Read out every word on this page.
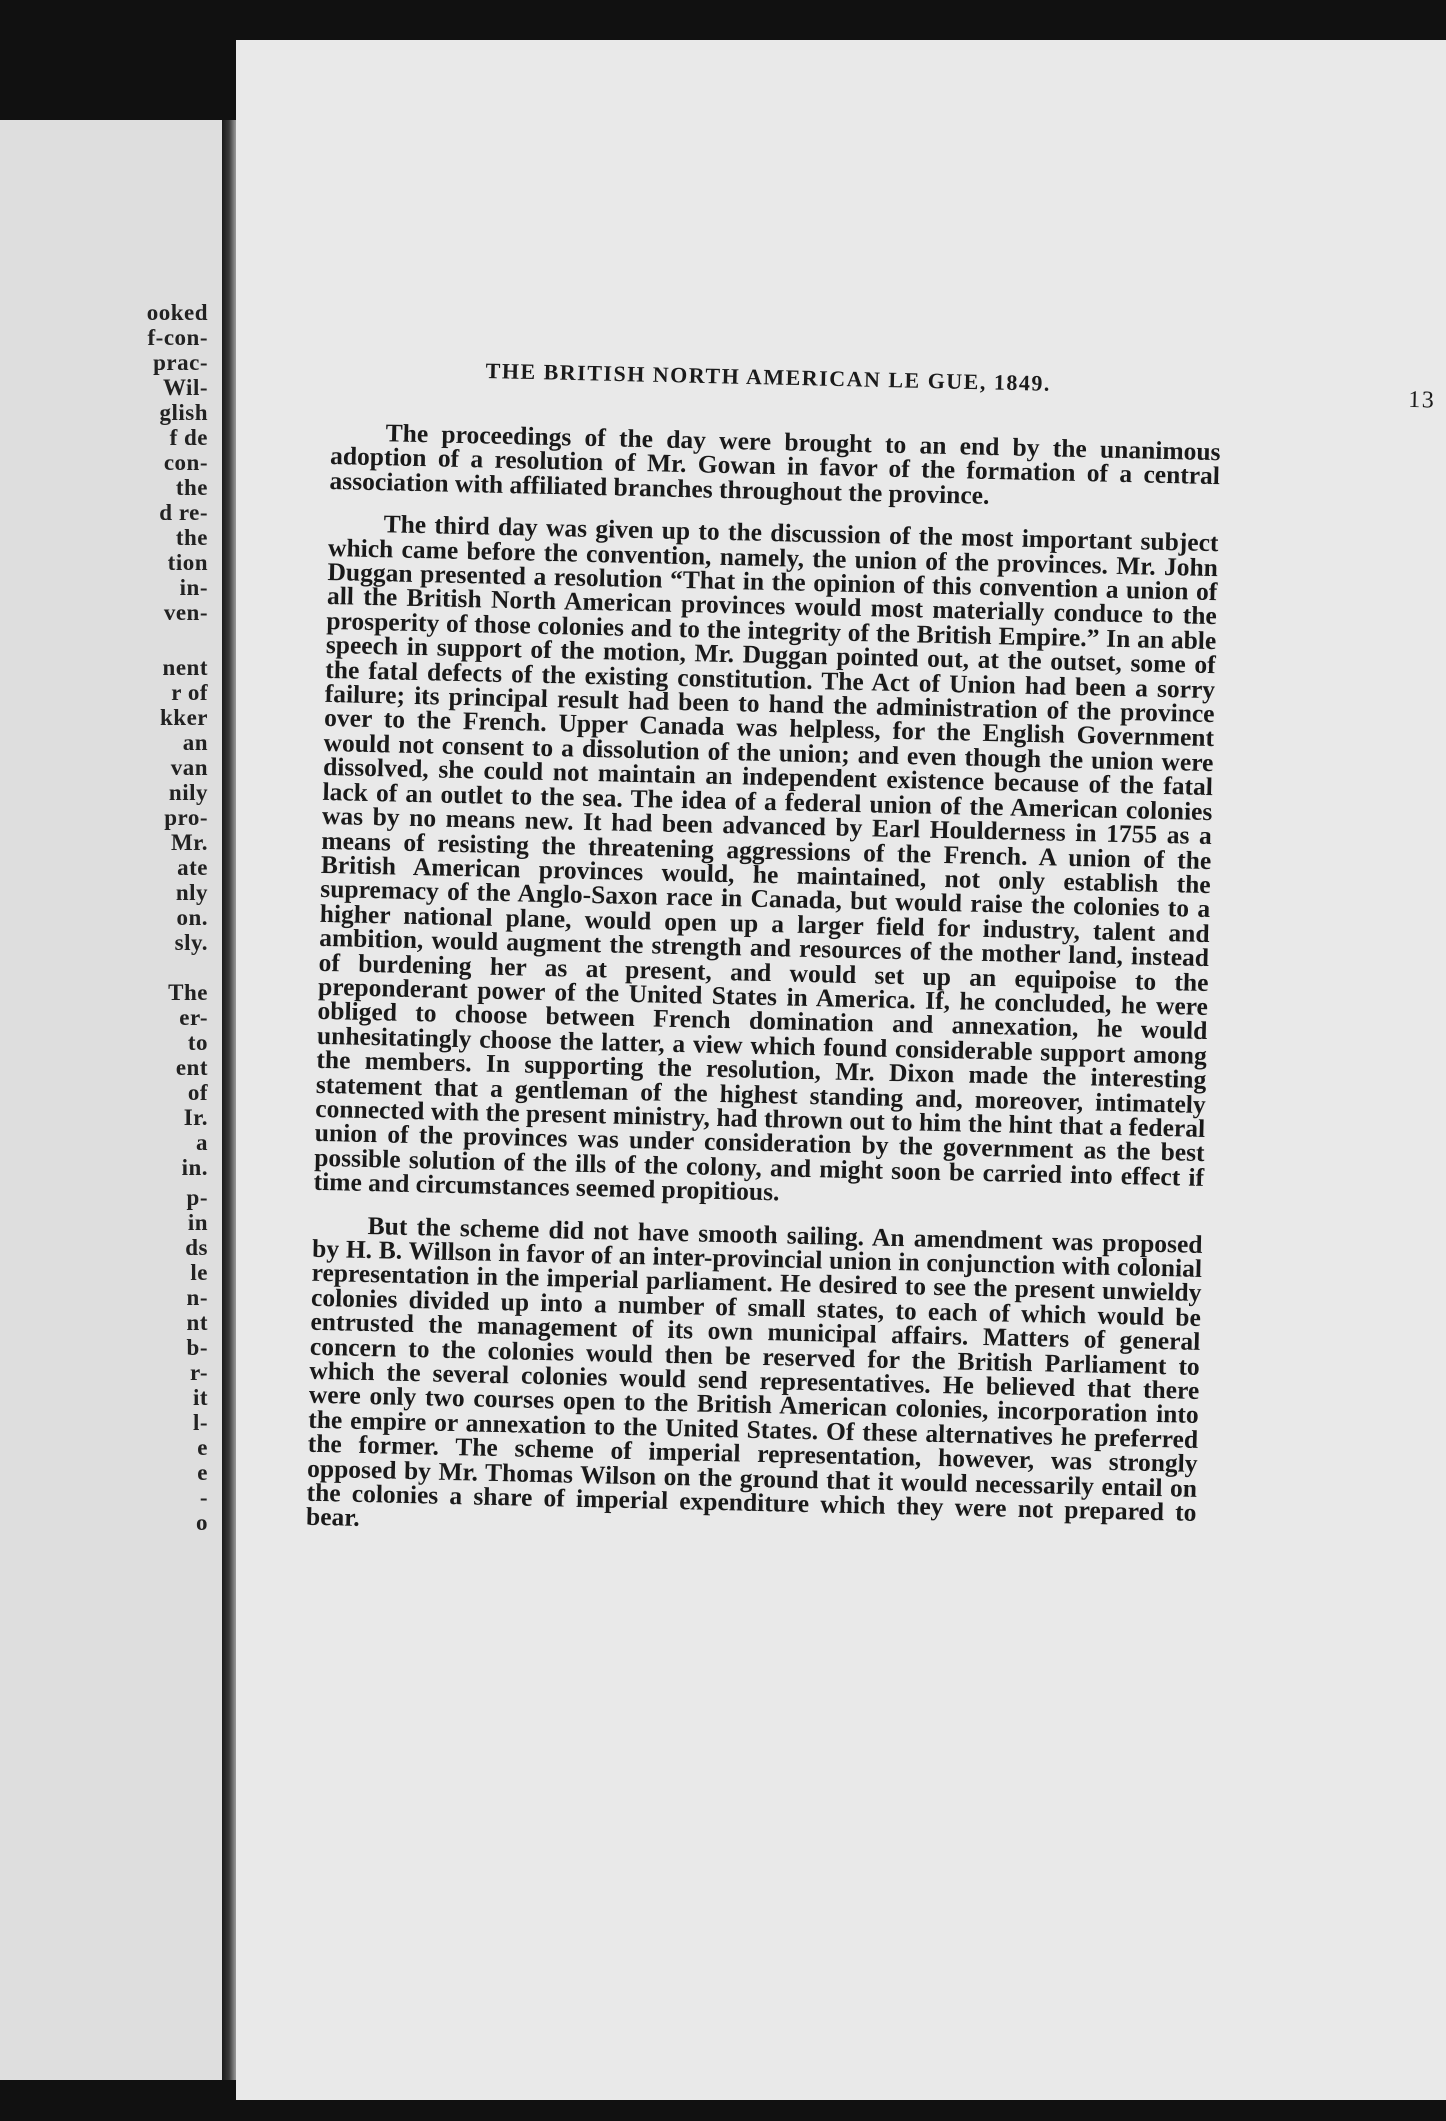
ooked
f-con-
prac-
Wil-
glish
f de
con-
the
d re-
the
tion
in-
ven-
nent
r of
kker
an
van
nily
pro-
Mr.
ate
nly
on.
sly.
The
er-
to
ent
of
Ir.
a
in.
p-
in
ds
le
n-
nt
b-
r-
it
l-
e
e
-
o
THE BRITISH NORTH AMERICAN LE GUE, 1849.
13

The proceedings of the day were brought to an end by the unanimous adoption of a resolution of Mr. Gowan in favor of the formation of a central association with affiliated branches throughout the province.

The third day was given up to the discussion of the most important subject which came before the convention, namely, the union of the provinces. Mr. John Duggan presented a resolution “That in the opinion of this convention a union of all the British North American provinces would most materially conduce to the prosperity of those colonies and to the integrity of the British Empire.” In an able speech in support of the motion, Mr. Duggan pointed out, at the outset, some of the fatal defects of the existing constitution. The Act of Union had been a sorry failure; its principal result had been to hand the administration of the province over to the French. Upper Canada was helpless, for the English Government would not consent to a dissolution of the union; and even though the union were dissolved, she could not maintain an independent existence because of the fatal lack of an outlet to the sea. The idea of a federal union of the American colonies was by no means new. It had been advanced by Earl Houlderness in 1755 as a means of resisting the threatening aggressions of the French. A union of the British American provinces would, he maintained, not only establish the supremacy of the Anglo-Saxon race in Canada, but would raise the colonies to a higher national plane, would open up a larger field for industry, talent and ambition, would augment the strength and resources of the mother land, instead of burdening her as at present, and would set up an equipoise to the preponderant power of the United States in America. If, he concluded, he were obliged to choose between French domination and annexation, he would unhesitatingly choose the latter, a view which found considerable support among the members. In supporting the resolution, Mr. Dixon made the interesting statement that a gentleman of the highest standing and, moreover, intimately connected with the present ministry, had thrown out to him the hint that a federal union of the provinces was under consideration by the government as the best possible solution of the ills of the colony, and might soon be carried into effect if time and circumstances seemed propitious.

But the scheme did not have smooth sailing. An amendment was proposed by H. B. Willson in favor of an inter-provincial union in conjunction with colonial representation in the imperial parliament. He desired to see the present unwieldy colonies divided up into a number of small states, to each of which would be entrusted the management of its own municipal affairs. Matters of general concern to the colonies would then be reserved for the British Parliament to which the several colonies would send representatives. He believed that there were only two courses open to the British American colonies, incorporation into the empire or annexation to the United States. Of these alternatives he preferred the former. The scheme of imperial representation, however, was strongly opposed by Mr. Thomas Wilson on the ground that it would necessarily entail on the colonies a share of imperial expenditure which they were not prepared to bear.
